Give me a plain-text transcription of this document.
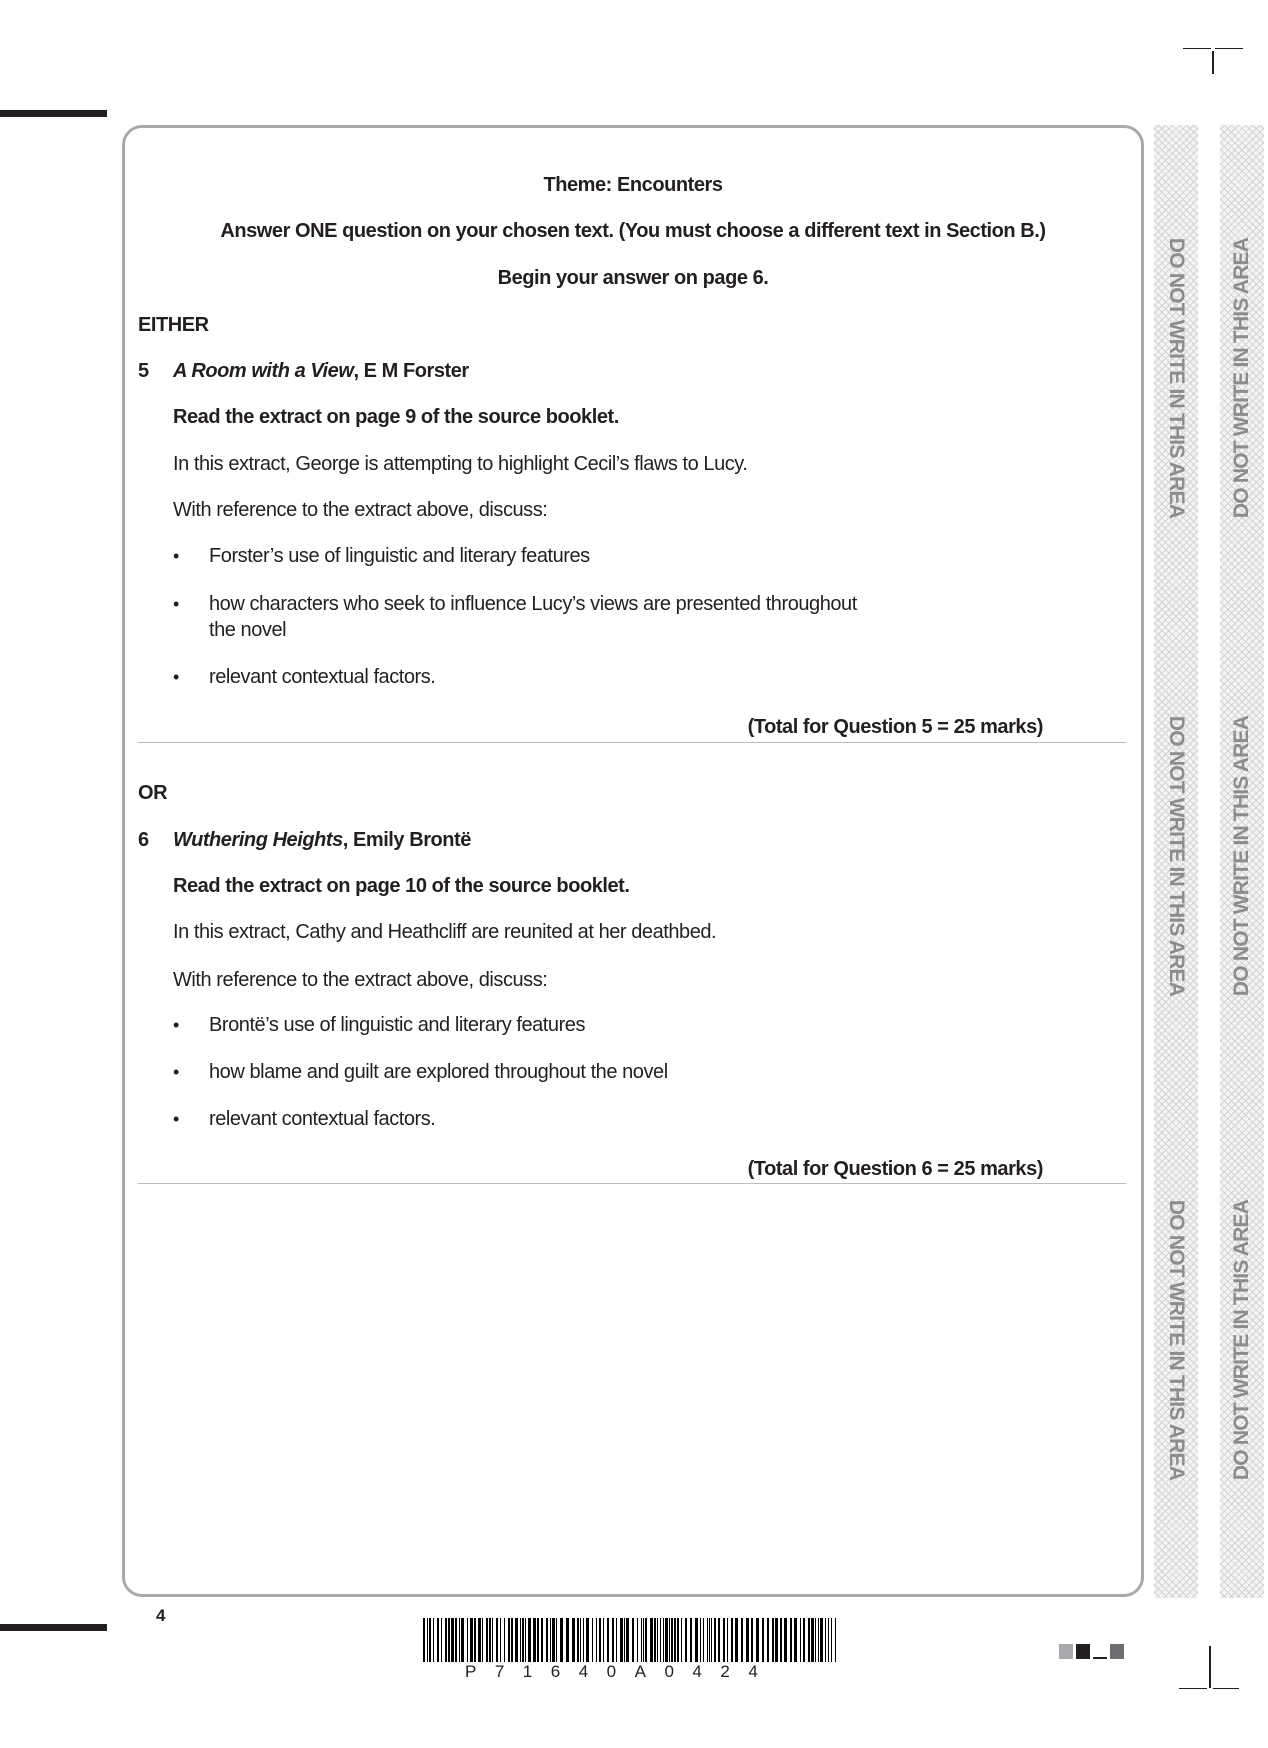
Theme: Encounters
Answer ONE question on your chosen text. (You must choose a different text in Section B.)
Begin your answer on page 6.
EITHER
5 A Room with a View, E M Forster
Read the extract on page 9 of the source booklet.
In this extract, George is attempting to highlight Cecil’s flaws to Lucy.
With reference to the extract above, discuss:
• Forster’s use of linguistic and literary features
• how characters who seek to influence Lucy’s views are presented throughout
the novel
• relevant contextual factors.
(Total for Question 5 = 25 marks)
OR
6 Wuthering Heights, Emily Brontë
Read the extract on page 10 of the source booklet.
In this extract, Cathy and Heathcliff are reunited at her deathbed.
With reference to the extract above, discuss:
• Brontë’s use of linguistic and literary features
• how blame and guilt are explored throughout the novel
• relevant contextual factors.
(Total for Question 6 = 25 marks)
DO NOT WRITE IN THIS AREA
DO NOT WRITE IN THIS AREA
DO NOT WRITE IN THIS AREA
DO NOT WRITE IN THIS AREA
DO NOT WRITE IN THIS AREA
DO NOT WRITE IN THIS AREA
4
P71640A0424
